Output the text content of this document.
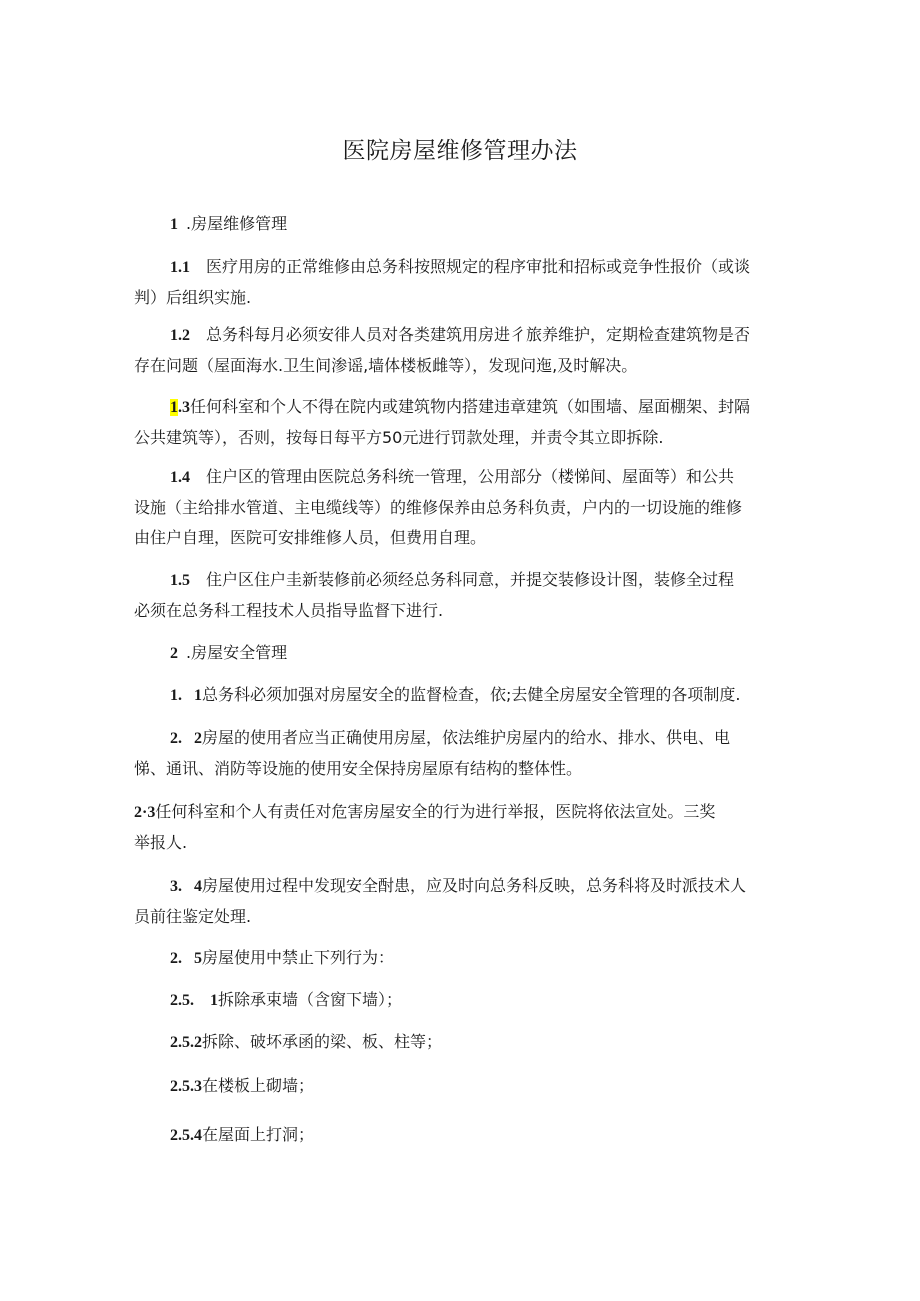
医院房屋维修管理办法

1  .房屋维修管理

1.1    医疗用房的正常维修由总务科按照规定的程序审批和招标或竞争性报价（或谈
判）后组织实施.

1.2    总务科每月必须安徘人员对各类建筑用房进彳旅养维护，定期检查建筑物是否
存在问题（屋面海水.卫生间渗谣,墙体楼板雌等），发现问迤,及时解决。

1.3任何科室和个人不得在院内或建筑物内搭建违章建筑（如围墙、屋面棚架、封隔
公共建筑等），否则，按每日每平方50元进行罚款处理，并责令其立即拆除.

1.4    住户区的管理由医院总务科统一管理，公用部分（楼悌间、屋面等）和公共
设施（主给排水管道、主电缆线等）的维修保养由总务科负责，户内的一切设施的维修
由住户自理，医院可安排维修人员，但费用自理。

1.5    住户区住户圭新装修前必须经总务科同意，并提交装修设计图，装修全过程
必须在总务科工程技术人员指导监督下进行.

2  .房屋安全管理

1.   1总务科必须加强对房屋安全的监督检查，依;去健全房屋安全管理的各项制度.

2.   2房屋的使用者应当正确使用房屋，依法维护房屋内的给水、排水、供电、电
悌、通讯、消防等设施的使用安全保持房屋原有结构的整体性。

2·3任何科室和个人有责任对危害房屋安全的行为进行举报，医院将依法宣处。三奖
举报人.

3.   4房屋使用过程中发现安全酎患，应及时向总务科反映，总务科将及时派技术人
员前往鉴定处理.

2.   5房屋使用中禁止下列行为：

2.5.    1拆除承束墙（含窗下墙）；

2.5.2拆除、破坏承函的梁、板、柱等；

2.5.3在楼板上砌墙；

2.5.4在屋面上打洞；
